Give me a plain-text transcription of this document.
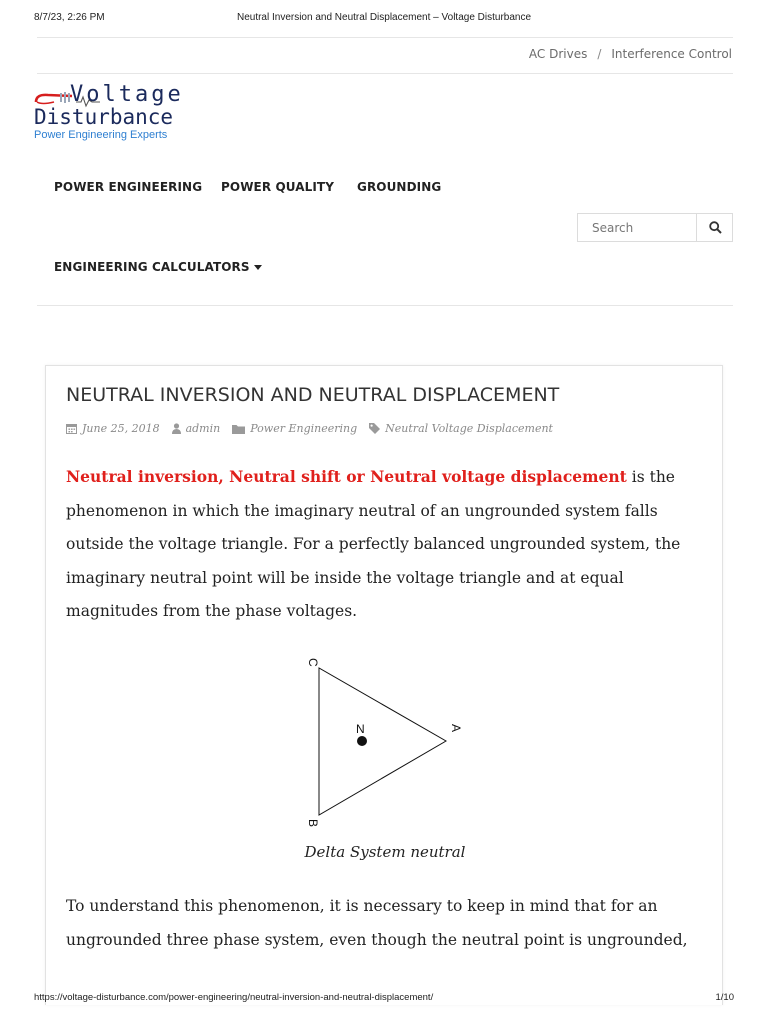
8/7/23, 2:26 PM	Neutral Inversion and Neutral Displacement – Voltage Disturbance
AC Drives / Interference Control
Voltage
Disturbance
Power Engineering Experts
POWER ENGINEERING POWER QUALITY GROUNDING
ENGINEERING CALCULATORS
Search
NEUTRAL INVERSION AND NEUTRAL DISPLACEMENT
June 25, 2018 admin	Power Engineering	Neutral Voltage Displacement
Neutral inversion, Neutral shift or Neutral voltage displacement is the
phenomenon in which the imaginary neutral of an ungrounded system falls
outside the voltage triangle. For a perfectly balanced ungrounded system, the
imaginary neutral point will be inside the voltage triangle and at equal
magnitudes from the phase voltages.
N
C
B
A
Delta System neutral
To understand this phenomenon, it is necessary to keep in mind that for an
ungrounded three phase system, even though the neutral point is ungrounded,
https://voltage-disturbance.com/power-engineering/neutral-inversion-and-neutral-displacement/	1/10
